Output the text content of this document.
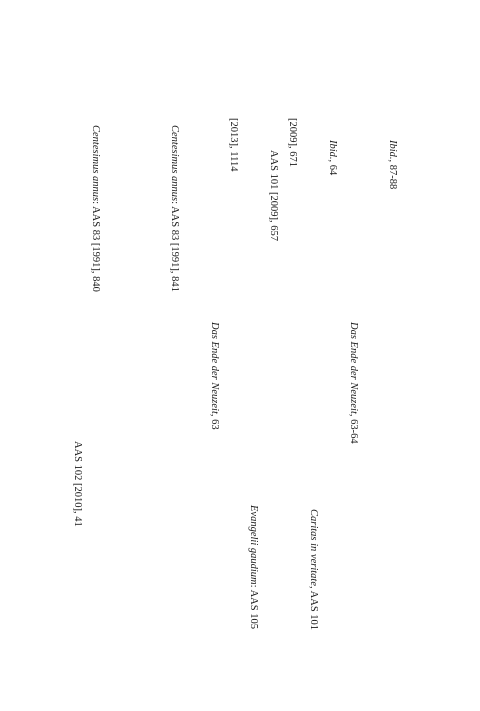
Ibid., 87-88
Das Ende der Neuzeit, 63-64
Ibid., 64
Caritas in veritate, AAS 101
[2009], 671
AAS 101 [2009], 657
Evangelii gaudium: AAS 105
[2013], 1114
Das Ende der Neuzeit, 63
Centesimus annus: AAS 83 [1991], 841
Centesimus annus: AAS 83 [1991], 840
AAS 102 [2010], 41
